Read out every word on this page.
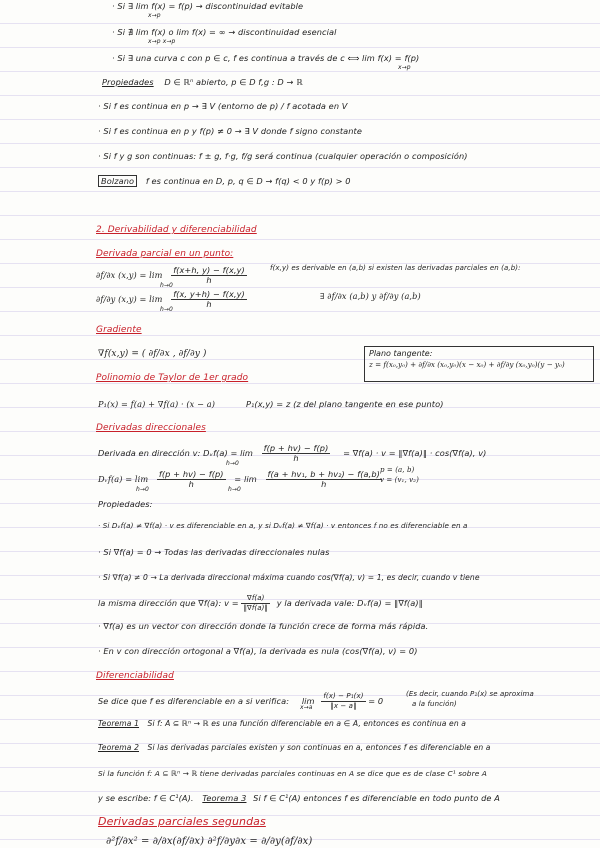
· Si ∃ lim f(x) = f(p) → discontinuidad evitable
x→p
· Si ∄ lim f(x) o lim f(x) = ∞ → discontinuidad esencial
x→p x→p
· Si ∃ una curva c con p ∈ c, f es continua a través de c ⟺ lim f(x) = f(p)
x→p
Propiedades D ∈ ℝⁿ abierto, p ∈ D f,g : D → ℝ
· Si f es continua en p → ∃ V (entorno de p) / f acotada en V
· Si f es continua en p y f(p) ≠ 0 → ∃ V donde f signo constante
· Si f y g son continuas: f ± g, f·g, f/g será continua (cualquier operación o composición)
Bolzano f es continua en D, p, q ∈ D → f(q) < 0 y f(p) > 0
2. Derivabilidad y diferenciabilidad
Derivada parcial en un punto:
∂f/∂x $(x,y) = \lim \frac{f(x+h, y) - f(x,y)}{h}$
h→0
∂f/∂y $(x,y) = \lim \frac{f(x, y+h) - f(x,y)}{h}$
h→0
f(x,y) es derivable en (a,b) si existen las derivadas parciales en (a,b):
∃ ∂f/∂x (a,b) y ∂f/∂y (a,b)
Gradiente
∇f(x,y) = ( ∂f/∂x , ∂f/∂y )	Plano tangente:
z = f(x₀,y₀) + ∂f/∂x (x₀,y₀)(x − x₀) + ∂f/∂y (x₀,y₀)(y − y₀)
Polinomio de Taylor de 1er grado
P₁(x) = f(a) + ∇f(a) · (x − a)	P₁(x,y) = z (z del plano tangente en ese punto)
Derivadas direccionales
Derivada en dirección v: Dᵥf(a) = $\lim \frac{f(p + hv) - f(p)}{h} = \nabla f(a) \cdot v$ = ‖∇f(a)‖ · cos(∇f(a), v)
h→0
Dᵥf(a) = $\lim \frac{f(p + hv) - f(p)}{h} = \lim \frac{\text{f(a + hv₁, b + hv₂) − f(a,b)}}{h}$
h→0	h→0
p = (a, b)
v = (v₁, v₂)
Propiedades:
· Si Dᵥf(a) ≠ ∇f(a) · v es diferenciable en a, y si Dᵥf(a) ≠ ∇f(a) · v entonces f no es diferenciable en a
· Si ∇f(a) = 0 → Todas las derivadas direccionales nulas
· Si ∇f(a) ≠ 0 → La derivada direccional máxima cuando cos(∇f(a), v) = 1, es decir, cuando v tiene
la misma dirección que ∇f(a): $v = \frac{\nabla f(a)}{‖\nabla f(a)‖}$ y la derivada vale: Dᵥf(a) = ‖∇f(a)‖
· ∇f(a) es un vector con dirección donde la función crece de forma más rápida.
· En v con dirección ortogonal a ∇f(a), la derivada es nula (cos(∇f(a), v) = 0)
Diferenciabilidad
Se dice que f es diferenciable en a si verifica: $\lim \frac{\text{f(x) − P₁(x)}}{‖x - a‖} = 0$
x→a
(Es decir, cuando P₁(x) se aproxima
a la función)
Teorema 1 Si f: A ⊆ ℝⁿ → ℝ es una función diferenciable en a ∈ A, entonces es continua en a
Teorema 2 Si las derivadas parciales existen y son continuas en a, entonces f es diferenciable en a
Si la función f: A ⊆ ℝⁿ → ℝ tiene derivadas parciales continuas en A se dice que es de clase C¹ sobre A
y se escribe: f ∈ C¹(A). Teorema 3 Si f ∈ C¹(A) entonces f es diferenciable en todo punto de A
Derivadas parciales segundas
∂²f/∂x² = ∂/∂x(∂f/∂x) ∂²f/∂y∂x = ∂/∂y(∂f/∂x)
